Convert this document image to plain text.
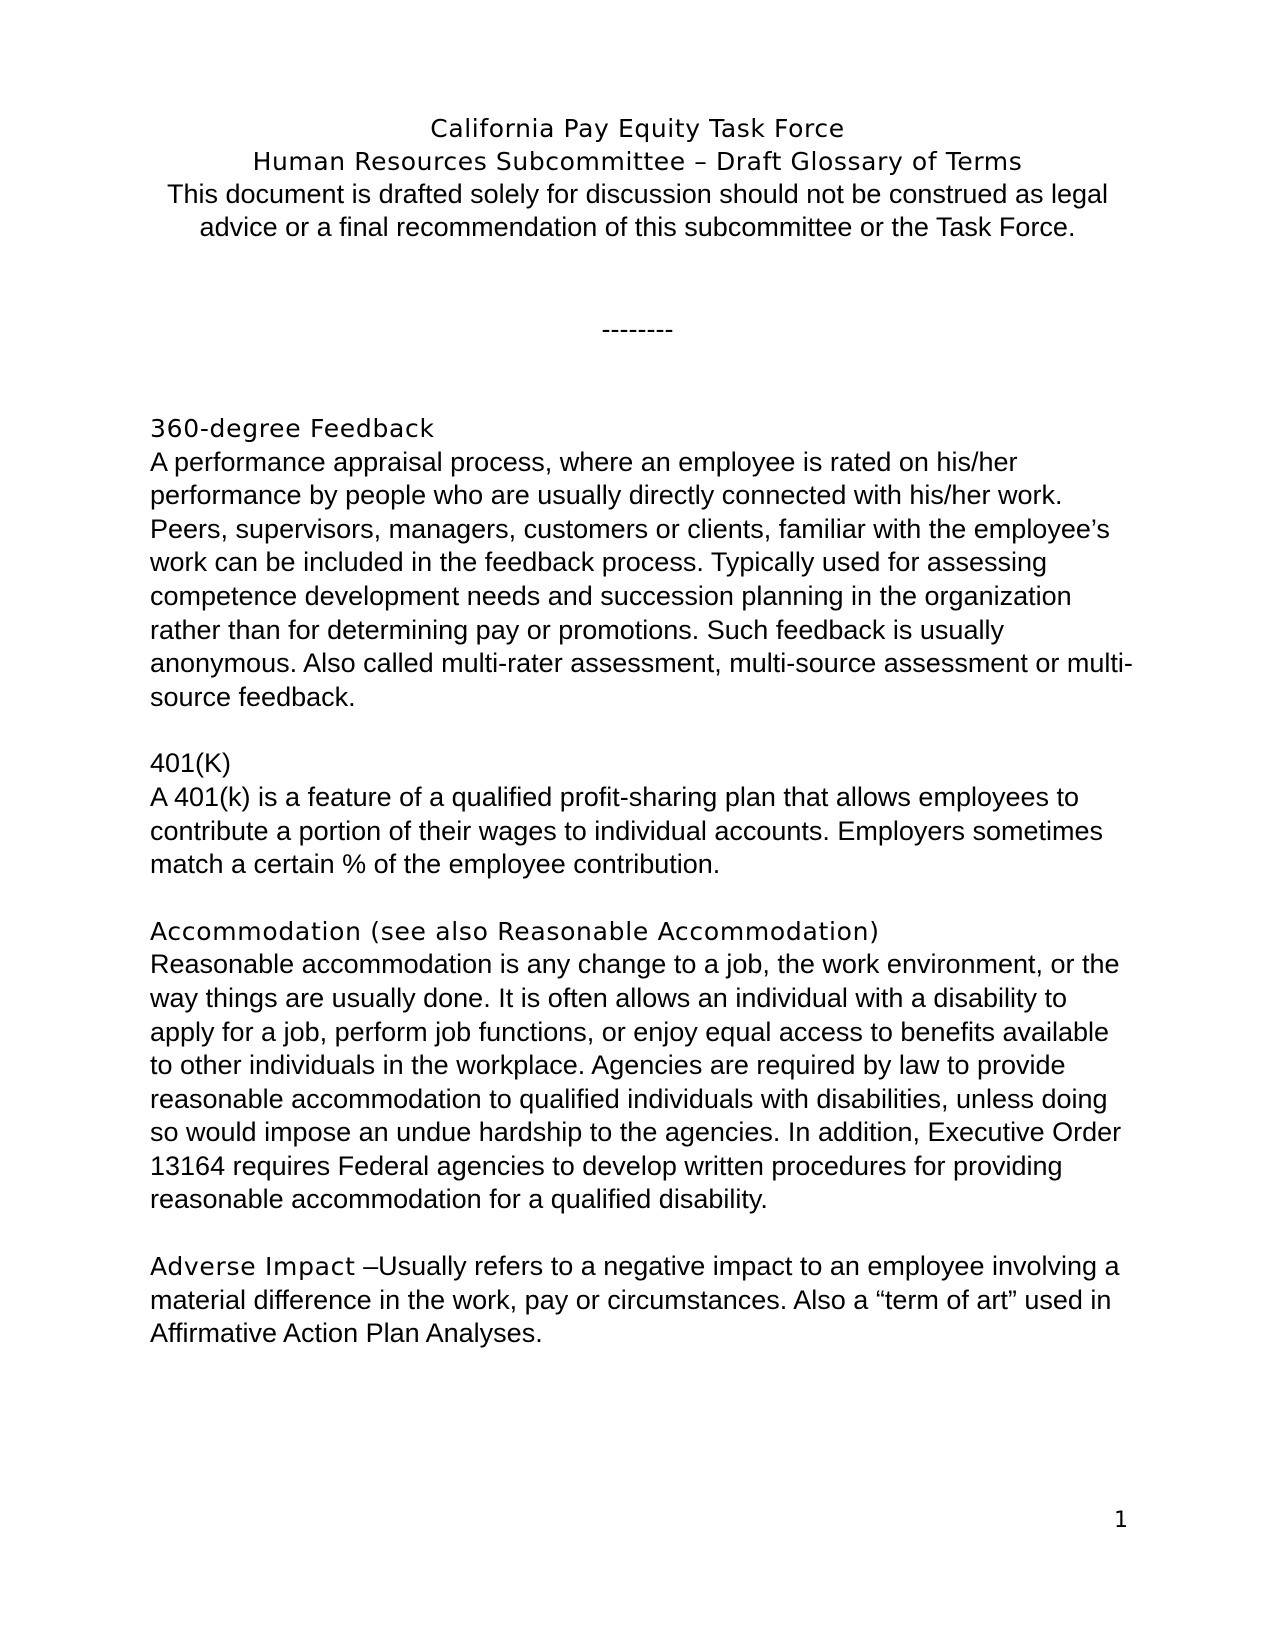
California Pay Equity Task Force
Human Resources Subcommittee – Draft Glossary of Terms
This document is drafted solely for discussion should not be construed as legal advice or a final recommendation of this subcommittee or the Task Force.
--------
360-degree Feedback
A performance appraisal process, where an employee is rated on his/her performance by people who are usually directly connected with his/her work. Peers, supervisors, managers, customers or clients, familiar with the employee’s work can be included in the feedback process. Typically used for assessing competence development needs and succession planning in the organization rather than for determining pay or promotions. Such feedback is usually anonymous. Also called multi-rater assessment, multi-source assessment or multi-source feedback.
401(K)
A 401(k) is a feature of a qualified profit-sharing plan that allows employees to contribute a portion of their wages to individual accounts. Employers sometimes match a certain % of the employee contribution.
Accommodation (see also Reasonable Accommodation)
Reasonable accommodation is any change to a job, the work environment, or the way things are usually done. It is often allows an individual with a disability to apply for a job, perform job functions, or enjoy equal access to benefits available to other individuals in the workplace. Agencies are required by law to provide reasonable accommodation to qualified individuals with disabilities, unless doing so would impose an undue hardship to the agencies. In addition, Executive Order 13164 requires Federal agencies to develop written procedures for providing reasonable accommodation for a qualified disability.
Adverse Impact –Usually refers to a negative impact to an employee involving a material difference in the work, pay or circumstances. Also a “term of art” used in Affirmative Action Plan Analyses.
1
